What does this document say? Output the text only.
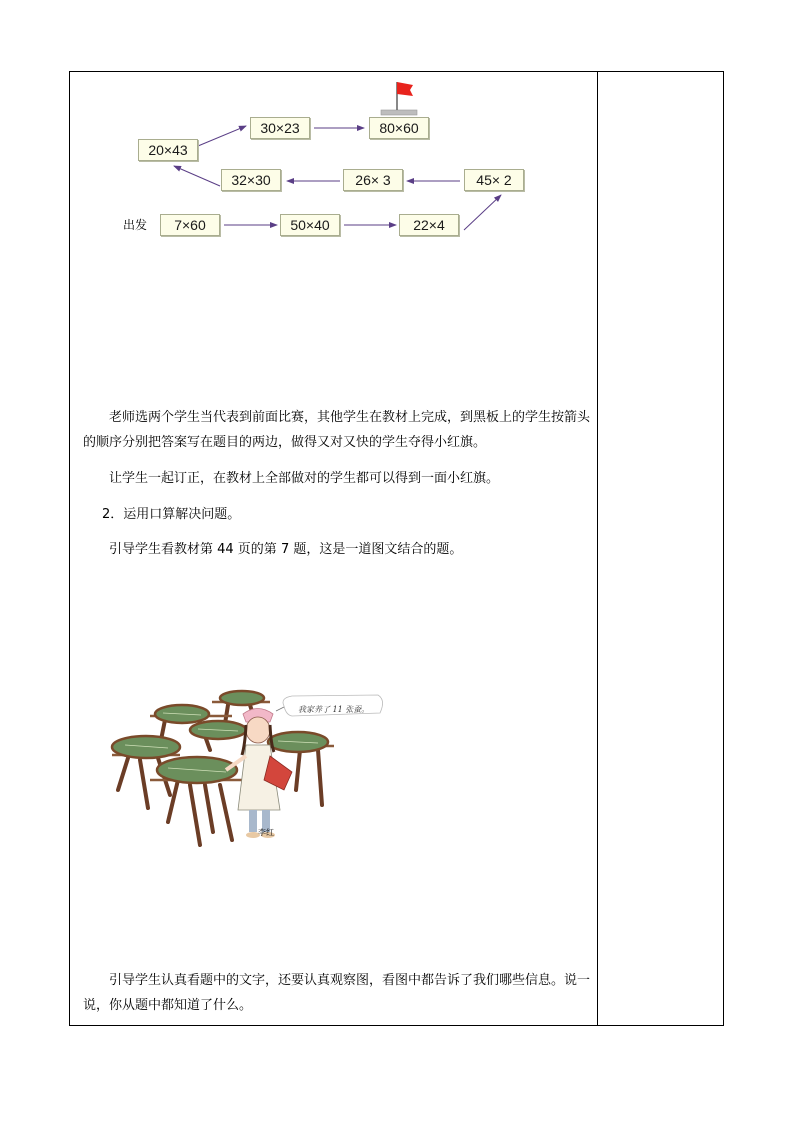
20×43
30×23	80×60
32×30	26× 3	45× 2
7×60	50×40	22×4
出发

老师选两个学生当代表到前面比赛，其他学生在教材上完成，到黑板上的学生按箭头的顺序分别把答案写在题目的两边，做得又对又快的学生夺得小红旗。

让学生一起订正，在教材上全部做对的学生都可以得到一面小红旗。

2．运用口算解决问题。

引导学生看教材第 44 页的第 7 题，这是一道图文结合的题。

引导学生认真看题中的文字，还要认真观察图，看图中都告诉了我们哪些信息。说一说，你从题中都知道了什么。

我家养了 11 张蚕。
李红
